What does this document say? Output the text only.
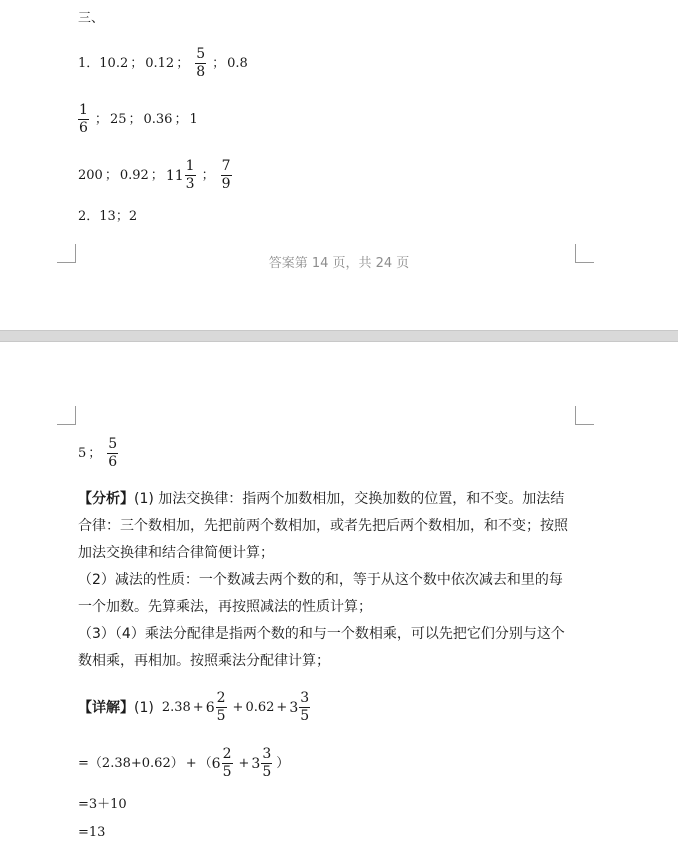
三、
1． 10.2 ； 0.12 ； $\frac{5}{8}$ ； 0.8
$\frac{1}{6}$ ； 25 ； 0.36 ； 1
200 ； 0.92 ； $11 \frac{1}{3}$ ； $\frac{7}{9}$
2．13；2
答案第 14 页，共 24 页
5 ； $\frac{5}{6}$
【分析】(1) 加法交换律：指两个加数相加，交换加数的位置，和不变。加法结
合律：三个数相加，先把前两个数相加，或者先把后两个数相加，和不变；按照
加法交换律和结合律简便计算；
（2）减法的性质：一个数减去两个数的和，等于从这个数中依次减去和里的每
一个加数。先算乘法，再按照减法的性质计算；
（3）（4）乘法分配律是指两个数的和与一个数相乘，可以先把它们分别与这个
数相乘，再相加。按照乘法分配律计算；
【详解】 (1) $2.38 + 6 \frac{2}{5} + 0.62 + 3 \frac{3}{5}$
= （ 2.38 + 0.62 ） + （ $6 \frac{2}{5} + 3 \frac{3}{5}$ ）
=3＋10
=13
